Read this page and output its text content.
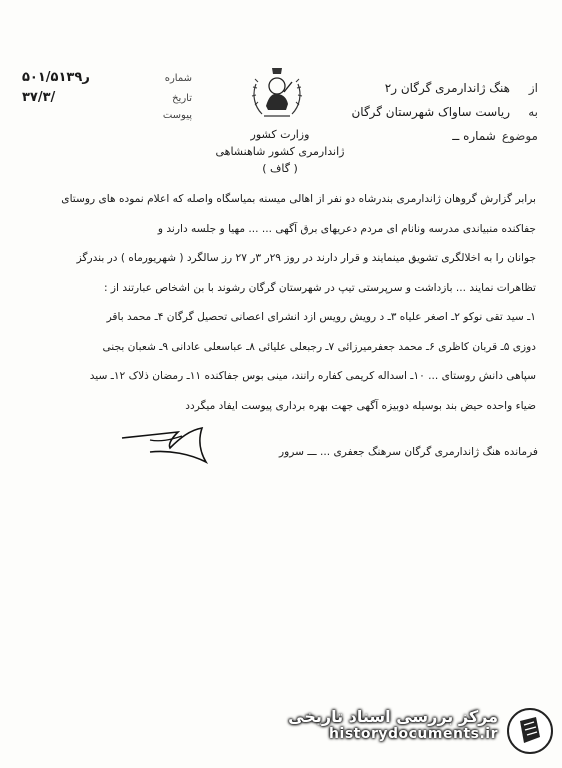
۵۰۱/۵ر۱۳۹	شماره
۳۷/۳/	تاریخ
پیوست
وزارت کشور
ژاندارمری کشور شاهنشاهی
( گاف )
از
هنگ ژاندارمری گرگان ر۲
به
ریاست ساواک شهرستان گرگان
موضوع
شماره ــ

برابر گزارش گروهان ژاندارمری بندرشاه دو نفر از اهالی میسنه بمیاسگاه واصله که اعلام نموده های روستای

جفاکنده منبیاندی مدرسه ونانام ای مردم دعریهای برق آگهی ... ... مهیا و جلسه دارند و

جوانان را به اخلالگری تشویق مینمایند و قرار دارند در روز ۲۹ر ۳ر ۲۷ رز سالگرد ( شهریورماه ) در بندرگز

تظاهرات نمایند ... بازداشت و سرپرستی تیپ در شهرستان گرگان رشوند با بن اشخاص عبارتند از :

۱ـ سید تقی نوکو ۲ـ اصغر علیاه ۳ـ د رویش رویس ازد انشرای اعصانی تحصیل گرگان ۴ـ محمد باقر

دوزی ۵ـ قربان کاظری ۶ـ محمد جعفرمیرزائی ۷ـ رجبعلی علیائی ۸ـ عباسعلی عادانی ۹ـ شعبان بجنی

سپاهی دانش روستای ... ۱۰ـ اسداله کریمی کفاره رانند، مینی بوس جفاکنده ۱۱ـ رمضان ذلاک ۱۲ـ سید

ضیاء واحده حیض بند بوسیله دوبیزه آگهی جهت بهره برداری پیوست ایفاد میگردد

فرمانده هنگ ژاندارمری گرگان سرهنگ جعفری ... ـــ سرور
مرکز بررسی اسناد تاریخی
historydocuments.ir
